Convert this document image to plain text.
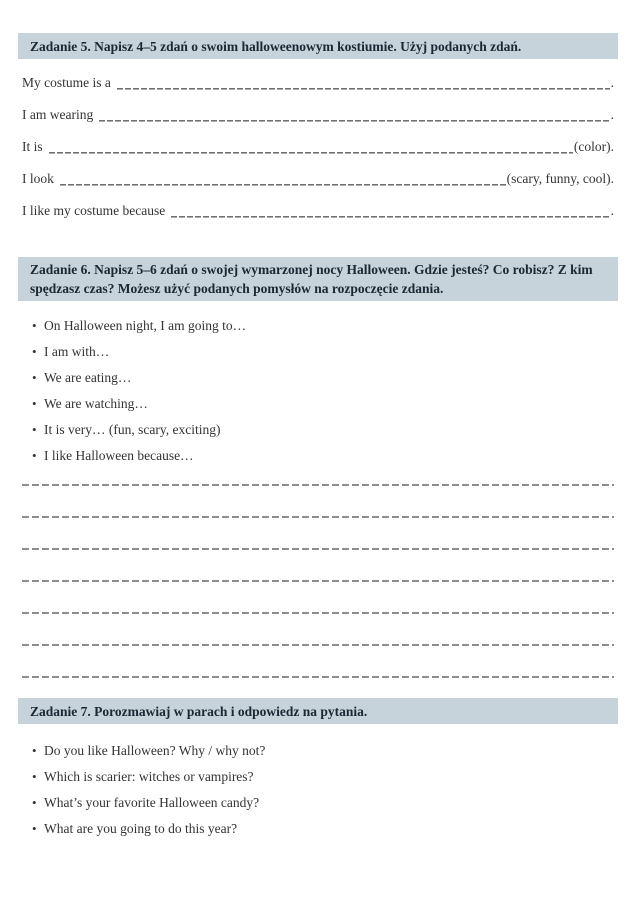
Zadanie 5. Napisz 4–5 zdań o swoim halloweenowym kostiumie. Użyj podanych zdań.
My costume is a	.
I am wearing	.
It is	(color).
I look	(scary, funny, cool).
I like my costume because	.
Zadanie 6. Napisz 5–6 zdań o swojej wymarzonej nocy Halloween. Gdzie jesteś? Co robisz? Z kim spędzasz czas? Możesz użyć podanych pomysłów na rozpoczęcie zdania.
• On Halloween night, I am going to…
• I am with…
• We are eating…
• We are watching…
• It is very… (fun, scary, exciting)
• I like Halloween because…
Zadanie 7. Porozmawiaj w parach i odpowiedz na pytania.
• Do you like Halloween? Why / why not?
• Which is scarier: witches or vampires?
• What’s your favorite Halloween candy?
• What are you going to do this year?
